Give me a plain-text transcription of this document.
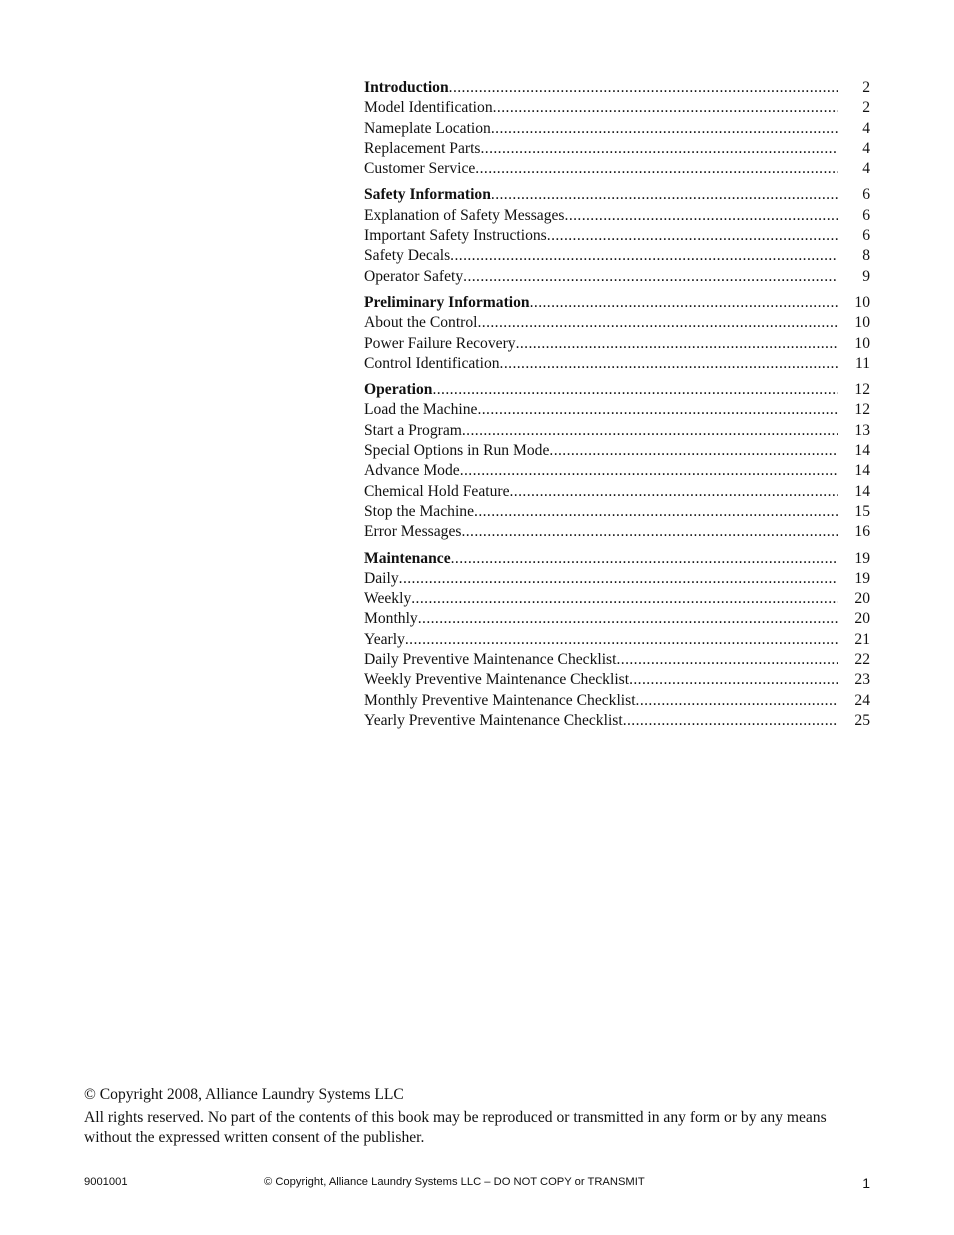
Introduction .....	2
Model Identification .....	2
Nameplate Location .....	4
Replacement Parts .....	4
Customer Service .....	4
Safety Information .....	6
Explanation of Safety Messages .....	6
Important Safety Instructions .....	6
Safety Decals .....	8
Operator Safety .....	9
Preliminary Information .....	10
About the Control .....	10
Power Failure Recovery .....	10
Control Identification .....	11
Operation .....	12
Load the Machine .....	12
Start a Program .....	13
Special Options in Run Mode .....	14
Advance Mode .....	14
Chemical Hold Feature .....	14
Stop the Machine .....	15
Error Messages .....	16
Maintenance .....	19
Daily .....	19
Weekly .....	20
Monthly .....	20
Yearly .....	21
Daily Preventive Maintenance Checklist .....	22
Weekly Preventive Maintenance Checklist .....	23
Monthly Preventive Maintenance Checklist .....	24
Yearly Preventive Maintenance Checklist .....	25

© Copyright 2008, Alliance Laundry Systems LLC

All rights reserved. No part of the contents of this book may be reproduced or transmitted in any form or by any means without the expressed written consent of the publisher.

9001001	© Copyright, Alliance Laundry Systems LLC – DO NOT COPY or TRANSMIT	1
